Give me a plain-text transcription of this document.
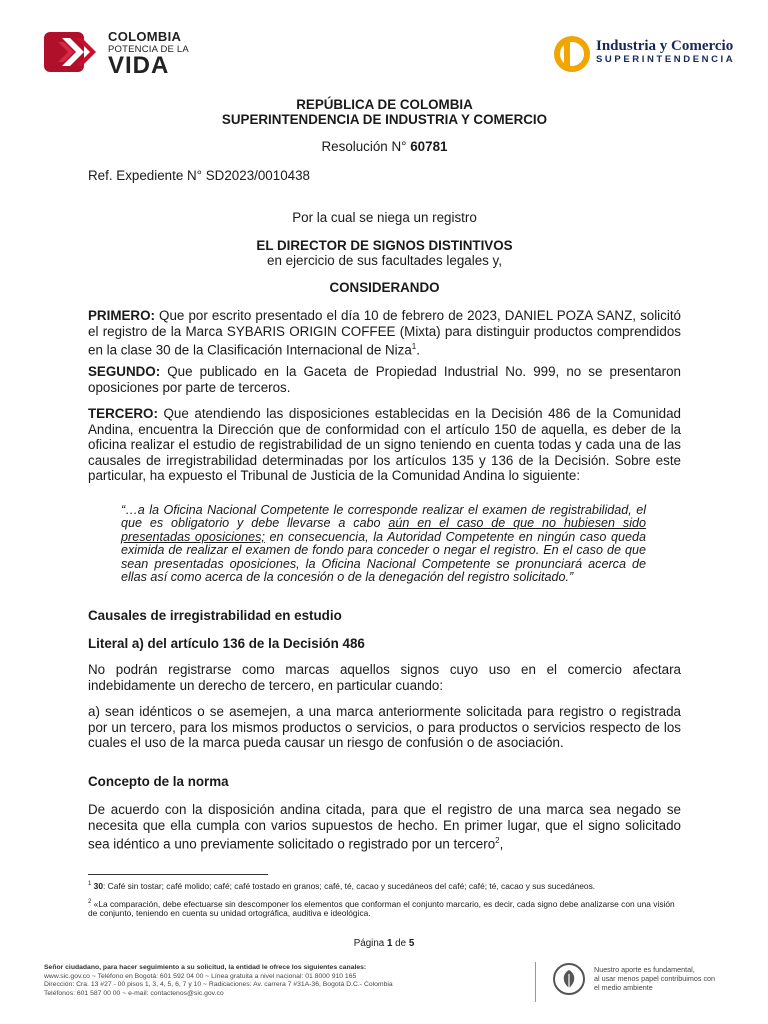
COLOMBIA
POTENCIA DE LA
VIDA
Industria y Comercio
SUPERINTENDENCIA
REPÚBLICA DE COLOMBIA
SUPERINTENDENCIA DE INDUSTRIA Y COMERCIO
Resolución N° 60781
Ref. Expediente N° SD2023/0010438
Por la cual se niega un registro
EL DIRECTOR DE SIGNOS DISTINTIVOS
en ejercicio de sus facultades legales y,
CONSIDERANDO
PRIMERO: Que por escrito presentado el día 10 de febrero de 2023, DANIEL POZA SANZ, solicitó el registro de la Marca SYBARIS ORIGIN COFFEE (Mixta) para distinguir productos comprendidos en la clase 30 de la Clasificación Internacional de Niza$^1$.
SEGUNDO: Que publicado en la Gaceta de Propiedad Industrial No. 999, no se presentaron oposiciones por parte de terceros.
TERCERO: Que atendiendo las disposiciones establecidas en la Decisión 486 de la Comunidad Andina, encuentra la Dirección que de conformidad con el artículo 150 de aquella, es deber de la oficina realizar el estudio de registrabilidad de un signo teniendo en cuenta todas y cada una de las causales de irregistrabilidad determinadas por los artículos 135 y 136 de la Decisión. Sobre este particular, ha expuesto el Tribunal de Justicia de la Comunidad Andina lo siguiente:
“…a la Oficina Nacional Competente le corresponde realizar el examen de registrabilidad, el que es obligatorio y debe llevarse a cabo aún en el caso de que no hubiesen sido presentadas oposiciones; en consecuencia, la Autoridad Competente en ningún caso queda eximida de realizar el examen de fondo para conceder o negar el registro. En el caso de que sean presentadas oposiciones, la Oficina Nacional Competente se pronunciará acerca de ellas así como acerca de la concesión o de la denegación del registro solicitado.”
Causales de irregistrabilidad en estudio
Literal a) del artículo 136 de la Decisión 486
No podrán registrarse como marcas aquellos signos cuyo uso en el comercio afectara indebidamente un derecho de tercero, en particular cuando:
a) sean idénticos o se asemejen, a una marca anteriormente solicitada para registro o registrada por un tercero, para los mismos productos o servicios, o para productos o servicios respecto de los cuales el uso de la marca pueda causar un riesgo de confusión o de asociación.
Concepto de la norma
De acuerdo con la disposición andina citada, para que el registro de una marca sea negado se necesita que ella cumpla con varios supuestos de hecho. En primer lugar, que el signo solicitado sea idéntico a uno previamente solicitado o registrado por un tercero$^2$,
$^1$ 30: Café sin tostar; café molido; café; café tostado en granos; café, té, cacao y sucedáneos del café; café; té, cacao y sus sucedáneos.
$^2$ «La comparación, debe efectuarse sin descomponer los elementos que conforman el conjunto marcario, es decir, cada signo debe analizarse con una visión de conjunto, teniendo en cuenta su unidad ortográfica, auditiva e ideológica.
Página 1 de 5
Señor ciudadano, para hacer seguimiento a su solicitud, la entidad le ofrece los siguientes canales:
www.sic.gov.co ~ Teléfono en Bogotá: 601 592 04 00 ~ Línea gratuita a nivel nacional: 01 8000 910 165
Dirección: Cra. 13 #27 - 00 pisos 1, 3, 4, 5, 6, 7 y 10 ~ Radicaciones: Av. carrera 7 #31A-36, Bogotá D.C.- Colombia
Teléfonos: 601 587 00 00 ~ e-mail: contactenos@sic.gov.co
Nuestro aporte es fundamental,
al usar menos papel contribuimos con
el medio ambiente
